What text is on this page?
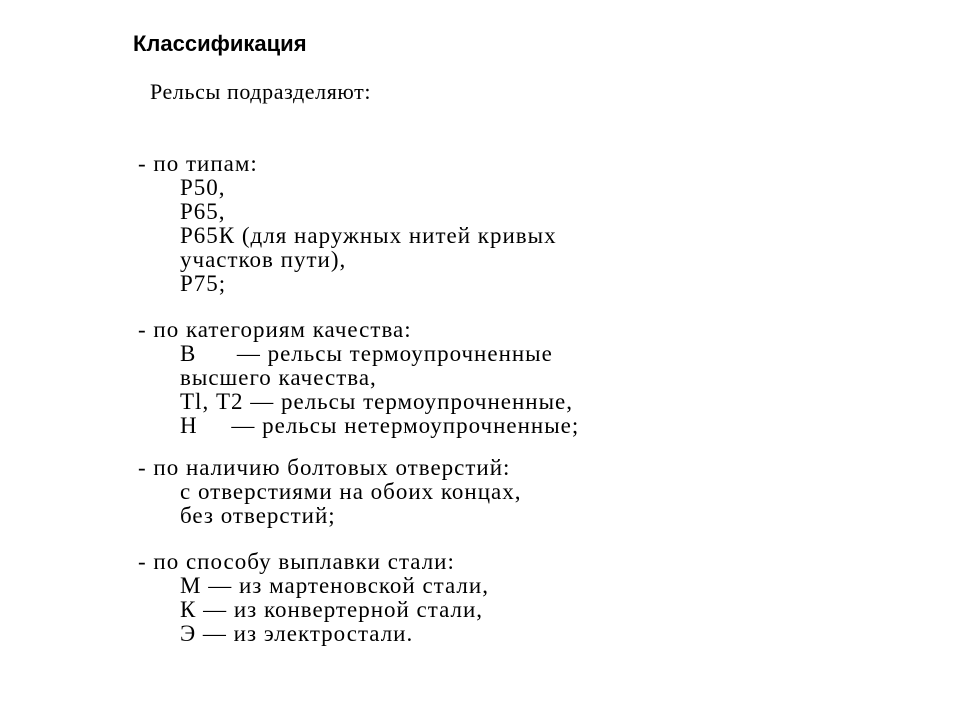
Классификация

Рельсы подразделяют:

- по типам:

Р50,
Р65,
Р65К (для наружных нитей кривых
участков пути),
Р75;

- по категориям качества:

В      — рельсы термоупрочненные
высшего качества,
Тl, Т2 — рельсы термоупрочненные,
Н     — рельсы нетермоупрочненные;

- по наличию болтовых отверстий:

с отверстиями на обоих концах,
без отверстий;

- по способу выплавки стали:

М — из мартеновской стали,
К — из конвертерной стали,
Э — из электростали.
